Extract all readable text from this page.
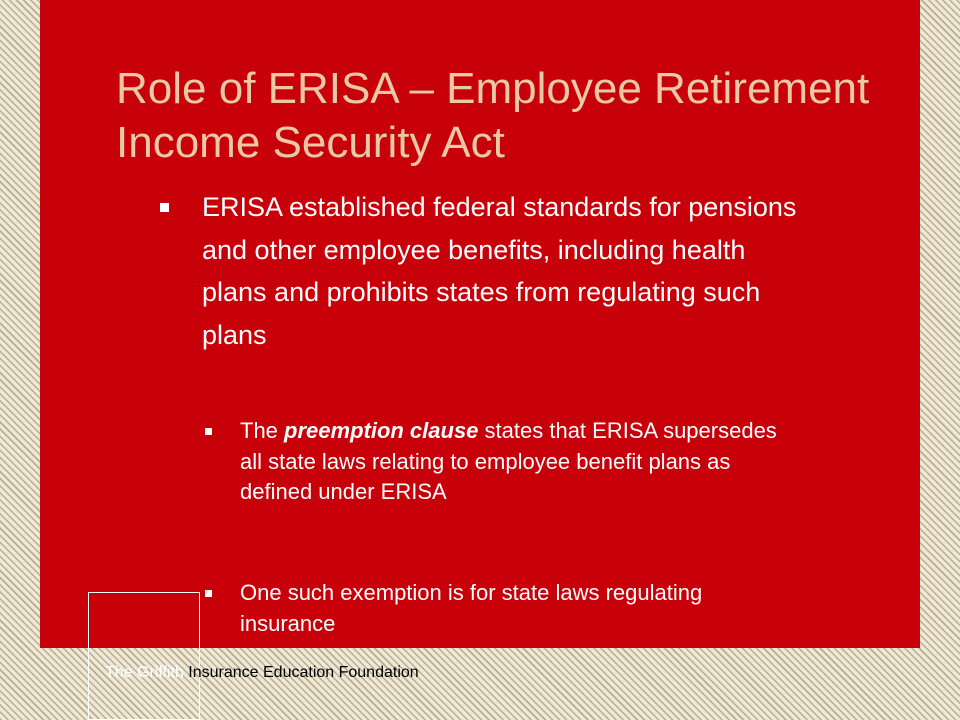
Role of ERISA – Employee Retirement Income Security Act
ERISA established federal standards for pensions and other employee benefits, including health plans and prohibits states from regulating such plans
The preemption clause states that ERISA supersedes all state laws relating to employee benefit plans as defined under ERISA
One such exemption is for state laws regulating insurance
The Griffith Insurance Education Foundation
